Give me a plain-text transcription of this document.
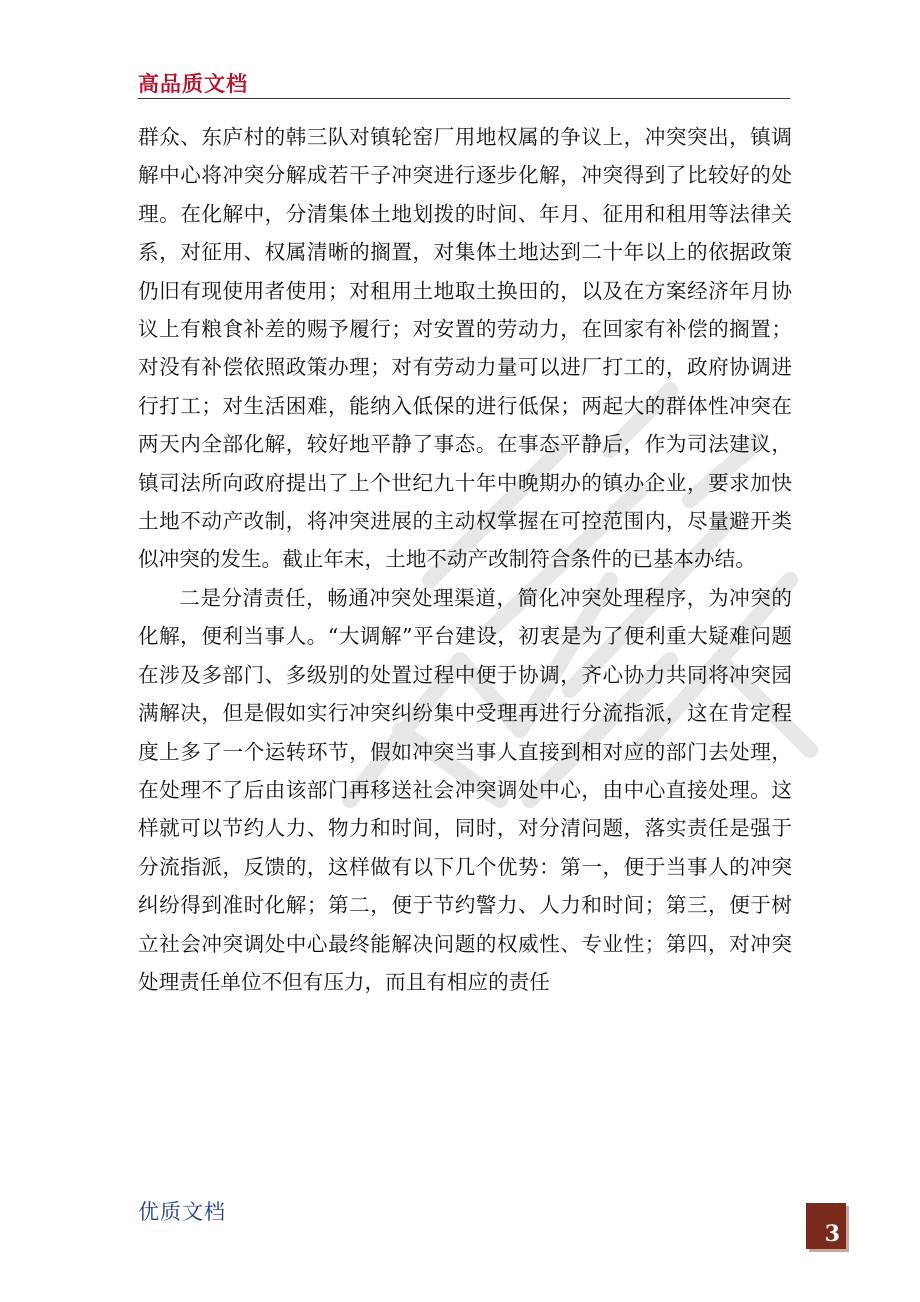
高品质文档

群众、东庐村的韩三队对镇轮窑厂用地权属的争议上，冲突突出，镇调解中心将冲突分解成若干子冲突进行逐步化解，冲突得到了比较好的处理。在化解中，分清集体土地划拨的时间、年月、征用和租用等法律关系，对征用、权属清晰的搁置，对集体土地达到二十年以上的依据政策仍旧有现使用者使用；对租用土地取土换田的，以及在方案经济年月协议上有粮食补差的赐予履行；对安置的劳动力，在回家有补偿的搁置；对没有补偿依照政策办理；对有劳动力量可以进厂打工的，政府协调进行打工；对生活困难，能纳入低保的进行低保；两起大的群体性冲突在两天内全部化解，较好地平静了事态。在事态平静后，作为司法建议，镇司法所向政府提出了上个世纪九十年中晚期办的镇办企业，要求加快土地不动产改制，将冲突进展的主动权掌握在可控范围内，尽量避开类似冲突的发生。截止年末，土地不动产改制符合条件的已基本办结。

二是分清责任，畅通冲突处理渠道，简化冲突处理程序，为冲突的化解，便利当事人。“大调解”平台建设，初衷是为了便利重大疑难问题在涉及多部门、多级别的处置过程中便于协调，齐心协力共同将冲突园满解决，但是假如实行冲突纠纷集中受理再进行分流指派，这在肯定程度上多了一个运转环节，假如冲突当事人直接到相对应的部门去处理，在处理不了后由该部门再移送社会冲突调处中心，由中心直接处理。这样就可以节约人力、物力和时间，同时，对分清问题，落实责任是强于分流指派，反馈的，这样做有以下几个优势：第一，便于当事人的冲突纠纷得到准时化解；第二，便于节约警力、人力和时间；第三，便于树立社会冲突调处中心最终能解决问题的权威性、专业性；第四，对冲突处理责任单位不但有压力，而且有相应的责任

优质文档
3
